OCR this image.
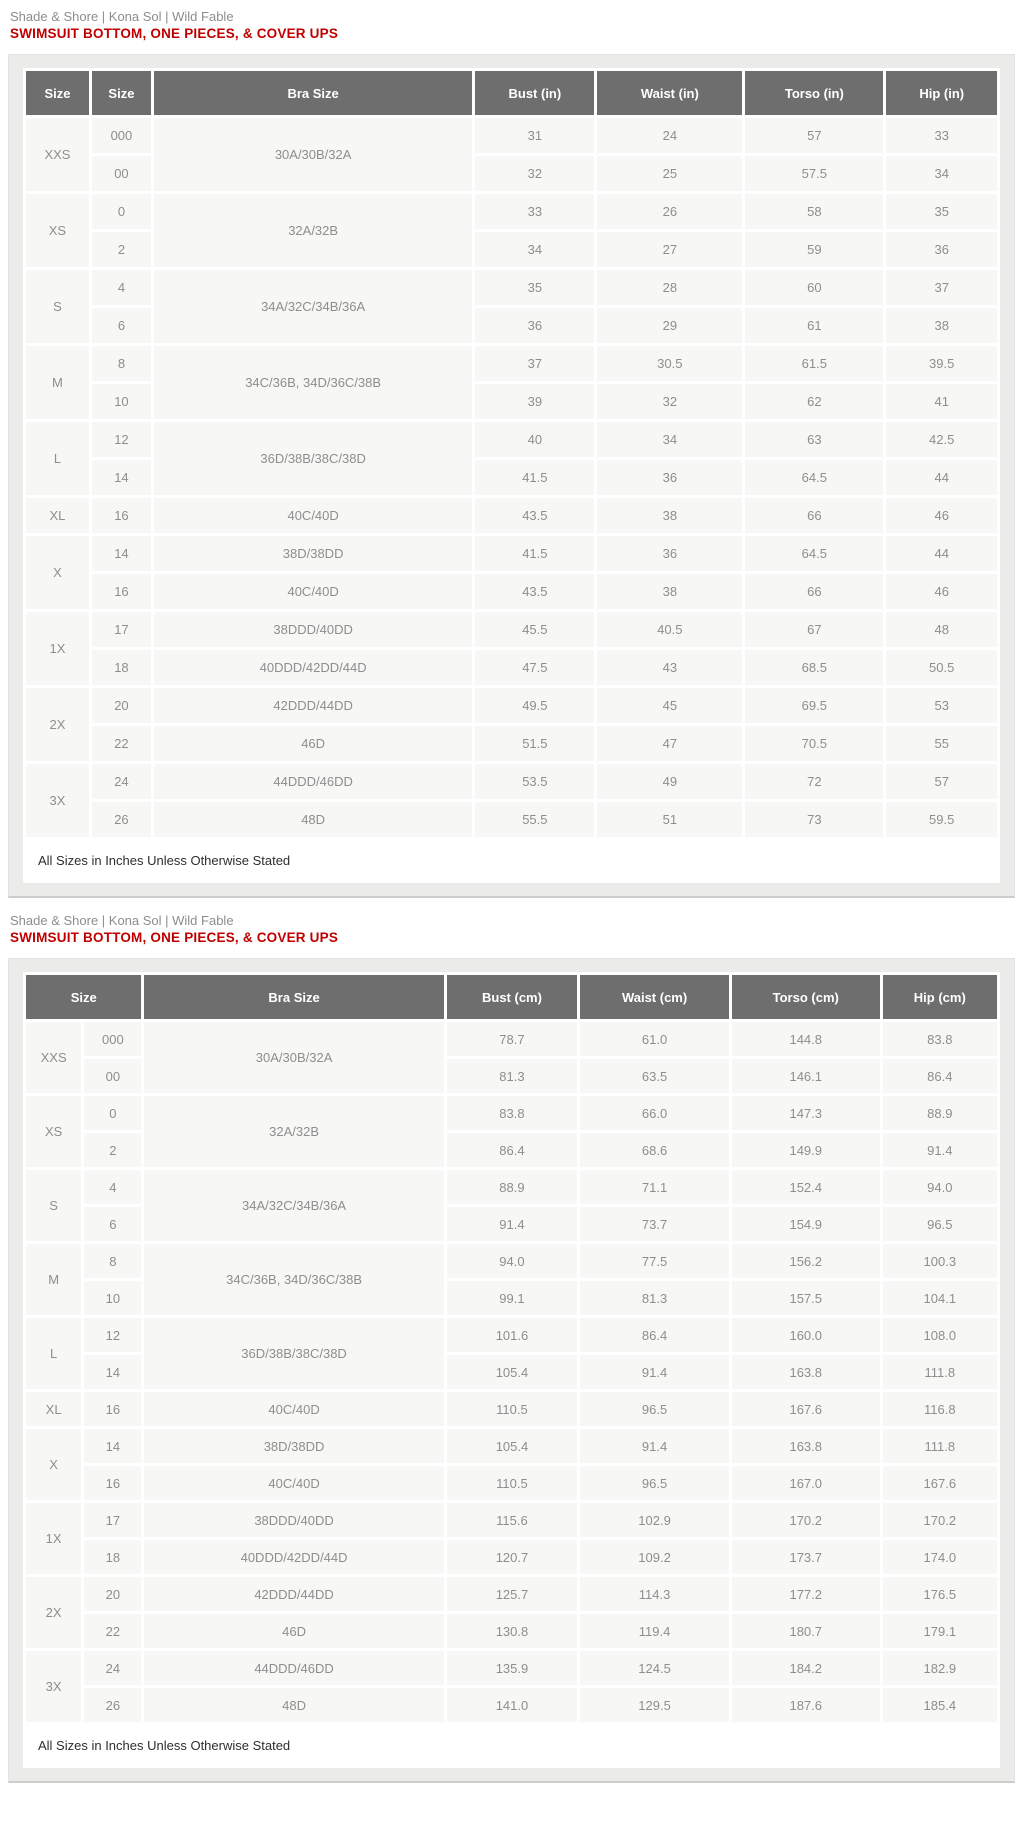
Shade & Shore | Kona Sol | Wild Fable
SWIMSUIT BOTTOM, ONE PIECES, & COVER UPS
Size	Size	Bra Size	Bust (in)	Waist (in)	Torso (in)	Hip (in)
XXS	000	30A/30B/32A	31	24	57	33
	00		32	25	57.5	34
XS	0	32A/32B	33	26	58	35
	2		34	27	59	36
S	4	34A/32C/34B/36A	35	28	60	37
	6		36	29	61	38
M	8	34C/36B, 34D/36C/38B	37	30.5	61.5	39.5
	10		39	32	62	41
L	12	36D/38B/38C/38D	40	34	63	42.5
	14		41.5	36	64.5	44
XL	16	40C/40D	43.5	38	66	46
X	14	38D/38DD	41.5	36	64.5	44
	16	40C/40D	43.5	38	66	46
1X	17	38DDD/40DD	45.5	40.5	67	48
	18	40DDD/42DD/44D	47.5	43	68.5	50.5
2X	20	42DDD/44DD	49.5	45	69.5	53
	22	46D	51.5	47	70.5	55
3X	24	44DDD/46DD	53.5	49	72	57
	26	48D	55.5	51	73	59.5
All Sizes in Inches Unless Otherwise Stated						
Shade & Shore | Kona Sol | Wild Fable
SWIMSUIT BOTTOM, ONE PIECES, & COVER UPS
Size		Bra Size	Bust (cm)	Waist (cm)	Torso (cm)	Hip (cm)
XXS	000	30A/30B/32A	78.7	61.0	144.8	83.8
	00		81.3	63.5	146.1	86.4
XS	0	32A/32B	83.8	66.0	147.3	88.9
	2		86.4	68.6	149.9	91.4
S	4	34A/32C/34B/36A	88.9	71.1	152.4	94.0
	6		91.4	73.7	154.9	96.5
M	8	34C/36B, 34D/36C/38B	94.0	77.5	156.2	100.3
	10		99.1	81.3	157.5	104.1
L	12	36D/38B/38C/38D	101.6	86.4	160.0	108.0
	14		105.4	91.4	163.8	111.8
XL	16	40C/40D	110.5	96.5	167.6	116.8
X	14	38D/38DD	105.4	91.4	163.8	111.8
	16	40C/40D	110.5	96.5	167.0	167.6
1X	17	38DDD/40DD	115.6	102.9	170.2	170.2
	18	40DDD/42DD/44D	120.7	109.2	173.7	174.0
2X	20	42DDD/44DD	125.7	114.3	177.2	176.5
	22	46D	130.8	119.4	180.7	179.1
3X	24	44DDD/46DD	135.9	124.5	184.2	182.9
	26	48D	141.0	129.5	187.6	185.4
All Sizes in Inches Unless Otherwise Stated						
